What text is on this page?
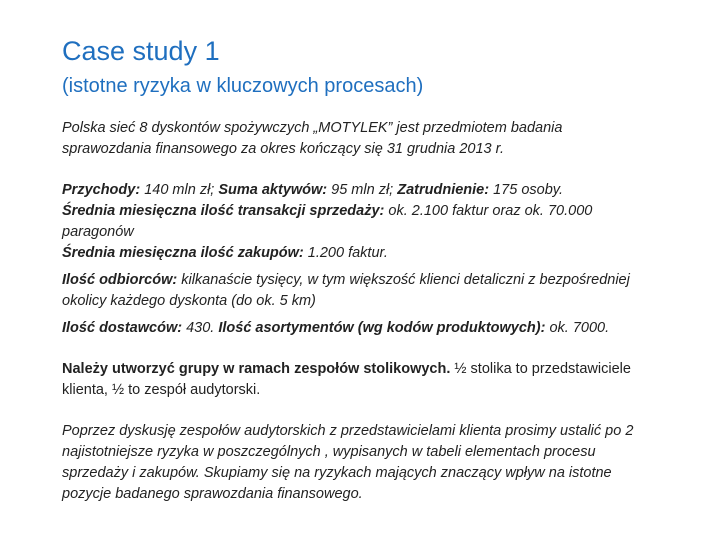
Case study 1
(istotne ryzyka w kluczowych procesach)
Polska sieć 8 dyskontów spożywczych „MOTYLEK” jest przedmiotem badania
sprawozdania finansowego za okres kończący się 31 grudnia 2013 r.
Przychody: 140 mln zł; Suma aktywów: 95 mln zł; Zatrudnienie: 175 osoby.
Średnia miesięczna ilość transakcji sprzedaży: ok. 2.100 faktur oraz ok. 70.000
paragonów
Średnia miesięczna ilość zakupów: 1.200 faktur.
Ilość odbiorców: kilkanaście tysięcy, w tym większość klienci detaliczni z bezpośredniej
okolicy każdego dyskonta (do ok. 5 km)
Ilość dostawców: 430. Ilość asortymentów (wg kodów produktowych): ok. 7000.
Należy utworzyć grupy w ramach zespołów stolikowych. ½ stolika to przedstawiciele
klienta, ½ to zespół audytorski.
Poprzez dyskusję zespołów audytorskich z przedstawicielami klienta prosimy ustalić po 2
najistotniejsze ryzyka w poszczególnych , wypisanych w tabeli elementach procesu
sprzedaży i zakupów. Skupiamy się na ryzykach mających znaczący wpływ na istotne
pozycje badanego sprawozdania finansowego.
